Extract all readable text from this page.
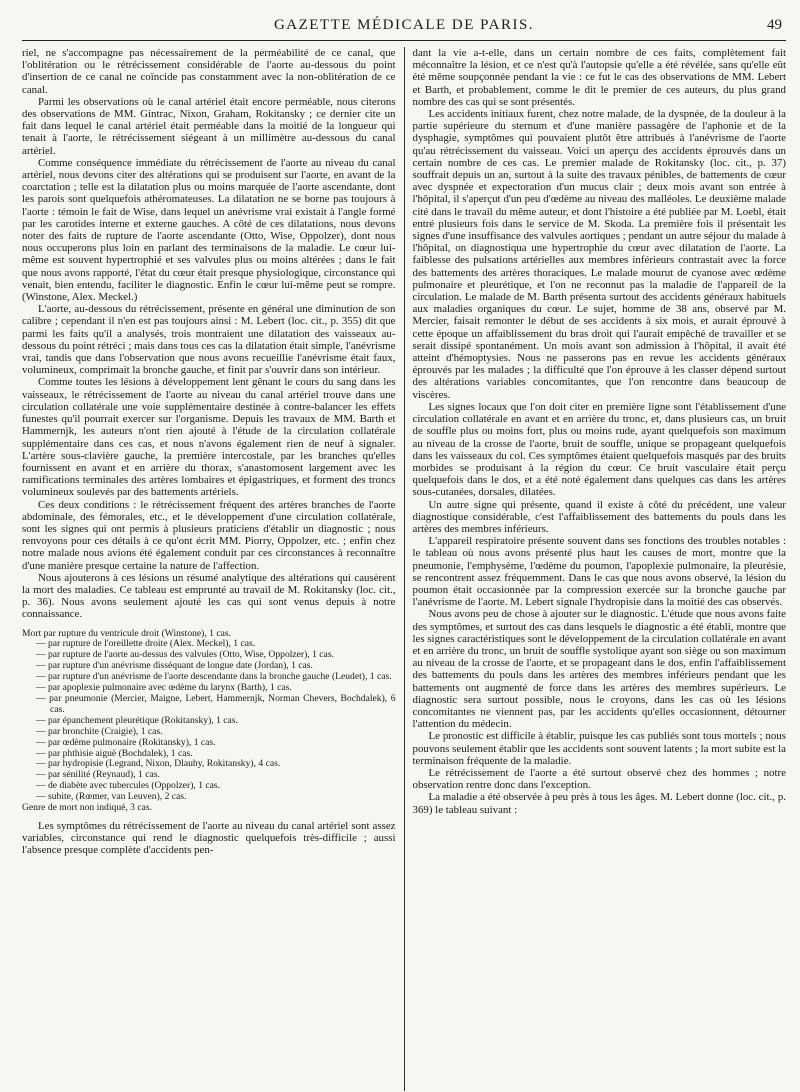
GAZETTE MÉDICALE DE PARIS.	49

riel, ne s'accompagne pas nécessairement de la perméabilité de ce canal, que l'oblitération ou le rétrécissement considérable de l'aorte au-dessous du point d'insertion de ce canal ne coïncide pas constamment avec la non-oblitération de ce canal.

Parmi les observations où le canal artériel était encore perméable, nous citerons des observations de MM. Gintrac, Nixon, Graham, Rokitansky ; ce dernier cite un fait dans lequel le canal artériel était perméable dans la moitié de la longueur qui tenait à l'aorte, le rétrécissement siégeant à un millimètre au-dessous du canal artériel.

Comme conséquence immédiate du rétrécissement de l'aorte au niveau du canal artériel, nous devons citer des altérations qui se produisent sur l'aorte, en avant de la coarctation ; telle est la dilatation plus ou moins marquée de l'aorte ascendante, dont les parois sont quelquefois athéromateuses. La dilatation ne se borne pas toujours à l'aorte : témoin le fait de Wise, dans lequel un anévrisme vrai existait à l'angle formé par les carotides interne et externe gauches. A côté de ces dilatations, nous devons noter des faits de rupture de l'aorte ascendante (Otto, Wise, Oppolzer), dont nous nous occuperons plus loin en parlant des terminaisons de la maladie. Le cœur lui-même est souvent hypertrophié et ses valvules plus ou moins altérées ; dans le fait que nous avons rapporté, l'état du cœur était presque physiologique, circonstance qui venait, bien entendu, faciliter le diagnostic. Enfin le cœur lui-même peut se rompre. (Winstone, Alex. Meckel.)

L'aorte, au-dessous du rétrécissement, présente en général une diminution de son calibre ; cependant il n'en est pas toujours ainsi : M. Lebert (loc. cit., p. 355) dit que parmi les faits qu'il a analysés, trois montraient une dilatation des vaisseaux au-dessous du point rétréci ; mais dans tous ces cas la dilatation était simple, l'anévrisme vrai, tandis que dans l'observation que nous avons recueillie l'anévrisme était faux, volumineux, comprimait la bronche gauche, et finit par s'ouvrir dans son intérieur.

Comme toutes les lésions à développement lent gênant le cours du sang dans les vaisseaux, le rétrécissement de l'aorte au niveau du canal artériel trouve dans une circulation collatérale une voie supplémentaire destinée à contre-balancer les effets funestes qu'il pourrait exercer sur l'organisme. Depuis les travaux de MM. Barth et Hammernjk, les auteurs n'ont rien ajouté à l'étude de la circulation collatérale supplémentaire dans ces cas, et nous n'avons également rien de neuf à signaler. L'artère sous-clavière gauche, la première intercostale, par les branches qu'elles fournissent en avant et en arrière du thorax, s'anastomosent largement avec les ramifications terminales des artères lombaires et épigastriques, et forment des troncs volumineux soulevés par des battements artériels.

Ces deux conditions : le rétrécissement fréquent des artères branches de l'aorte abdominale, des fémorales, etc., et le développement d'une circulation collatérale, sont les signes qui ont permis à plusieurs praticiens d'établir un diagnostic ; nous renvoyons pour ces détails à ce qu'ont écrit MM. Piorry, Oppolzer, etc. ; enfin chez notre malade nous avions été également conduit par ces circonstances à reconnaître d'une manière presque certaine la nature de l'affection.

Nous ajouterons à ces lésions un résumé analytique des altérations qui causèrent la mort des maladies. Ce tableau est emprunté au travail de M. Rokitansky (loc. cit., p. 36). Nous avons seulement ajouté les cas qui sont venus depuis à notre connaissance.

Mort par rupture du ventricule droit (Winstone), 1 cas.
— par rupture de l'oreillette droite (Alex. Meckel), 1 cas.
— par rupture de l'aorte au-dessus des valvules (Otto, Wise, Oppolzer), 1 cas.
— par rupture d'un anévrisme disséquant de longue date (Jordan), 1 cas.
— par rupture d'un anévrisme de l'aorte descendante dans la bronche gauche (Leudet), 1 cas.
— par apoplexie pulmonaire avec œdème du larynx (Barth), 1 cas.
— par pneumonie (Mercier, Maigne, Lebert, Hammernjk, Norman Chevers, Bochdalek), 6 cas.
— par épanchement pleurétique (Rokitansky), 1 cas.
— par bronchite (Craigie), 1 cas.
— par œdème pulmonaire (Rokitansky), 1 cas.
— par phthisie aiguë (Bochdalek), 1 cas.
— par hydropisie (Legrand, Nixon, Dlauhy, Rokitansky), 4 cas.
— par sénilité (Reynaud), 1 cas.
— de diabète avec tubercules (Oppolzer), 1 cas.
— subite, (Rœmer, van Leuven), 2 cas.
Genre de mort non indiqué, 3 cas.

Les symptômes du rétrécissement de l'aorte au niveau du canal artériel sont assez variables, circonstance qui rend le diagnostic quelquefois très-difficile ; aussi l'absence presque complète d'accidents pen-

dant la vie a-t-elle, dans un certain nombre de ces faits, complètement fait méconnaître la lésion, et ce n'est qu'à l'autopsie qu'elle a été révélée, sans qu'elle eût été même soupçonnée pendant la vie : ce fut le cas des observations de MM. Lebert et Barth, et probablement, comme le dit le premier de ces auteurs, du plus grand nombre des cas qui se sont présentés.

Les accidents initiaux furent, chez notre malade, de la dyspnée, de la douleur à la partie supérieure du sternum et d'une manière passagère de l'aphonie et de la dysphagie, symptômes qui pouvaient plutôt être attribués à l'anévrisme de l'aorte qu'au rétrécissement du vaisseau. Voici un aperçu des accidents éprouvés dans un certain nombre de ces cas. Le premier malade de Rokitansky (loc. cit., p. 37) souffrait depuis un an, surtout à la suite des travaux pénibles, de battements de cœur avec dyspnée et expectoration d'un mucus clair ; deux mois avant son entrée à l'hôpital, il s'aperçut d'un peu d'œdème au niveau des malléoles. Le deuxième malade cité dans le travail du même auteur, et dont l'histoire a été publiée par M. Loebl, était entré plusieurs fois dans le service de M. Skoda. La première fois il présentait les signes d'une insuffisance des valvules aortiques ; pendant un autre séjour du malade à l'hôpital, on diagnostiqua une hypertrophie du cœur avec dilatation de l'aorte. La faiblesse des pulsations artérielles aux membres inférieurs contrastait avec la force des battements des artères thoraciques. Le malade mourut de cyanose avec œdème pulmonaire et pleurétique, et l'on ne reconnut pas la maladie de l'appareil de la circulation. Le malade de M. Barth présenta surtout des accidents généraux habituels aux maladies organiques du cœur. Le sujet, homme de 38 ans, observé par M. Mercier, faisait remonter le début de ses accidents à six mois, et aurait éprouvé à cette époque un affaiblissement du bras droit qui l'aurait empêché de travailler et se serait dissipé spontanément. Un mois avant son admission à l'hôpital, il avait été atteint d'hémoptysies. Nous ne passerons pas en revue les accidents généraux éprouvés par les malades ; la difficulté que l'on éprouve à les classer dépend surtout des altérations variables concomitantes, que l'on rencontre dans beaucoup de viscères.

Les signes locaux que l'on doit citer en première ligne sont l'établissement d'une circulation collatérale en avant et en arrière du tronc, et, dans plusieurs cas, un bruit de souffle plus ou moins fort, plus ou moins rude, ayant quelquefois son maximum au niveau de la crosse de l'aorte, bruit de souffle, unique se propageant quelquefois dans les vaisseaux du col. Ces symptômes étaient quelquefois masqués par des bruits morbides se produisant à la région du cœur. Ce bruit vasculaire était perçu quelquefois dans le dos, et a été noté également dans quelques cas dans les artères sous-cutanées, dorsales, dilatées.

Un autre signe qui présente, quand il existe à côté du précédent, une valeur diagnostique considérable, c'est l'affaiblissement des battements du pouls dans les artères des membres inférieurs.

L'appareil respiratoire présente souvent dans ses fonctions des troubles notables : le tableau où nous avons présenté plus haut les causes de mort, montre que la pneumonie, l'emphysème, l'œdème du poumon, l'apoplexie pulmonaire, la pleurésie, se rencontrent assez fréquemment. Dans le cas que nous avons observé, la lésion du poumon était occasionnée par la compression exercée sur la bronche gauche par l'anévrisme de l'aorte. M. Lebert signale l'hydropisie dans la moitié des cas observés.

Nous avons peu de chose à ajouter sur le diagnostic. L'étude que nous avons faite des symptômes, et surtout des cas dans lesquels le diagnostic a été établi, montre que les signes caractéristiques sont le développement de la circulation collatérale en avant et en arrière du tronc, un bruit de souffle systolique ayant son siège ou son maximum au niveau de la crosse de l'aorte, et se propageant dans le dos, enfin l'affaiblissement des battements du pouls dans les artères des membres inférieurs pendant que les battements ont augmenté de force dans les artères des membres supérieurs. Le diagnostic sera surtout possible, nous le croyons, dans les cas où les lésions concomitantes ne viennent pas, par les accidents qu'elles occasionnent, détourner l'attention du médecin.

Le pronostic est difficile à établir, puisque les cas publiés sont tous mortels ; nous pouvons seulement établir que les accidents sont souvent latents ; la mort subite est la terminaison fréquente de la maladie.

Le rétrécissement de l'aorte a été surtout observé chez des hommes ; notre observation rentre donc dans l'exception.

La maladie a été observée à peu près à tous les âges. M. Lebert donne (loc. cit., p. 369) le tableau suivant :
